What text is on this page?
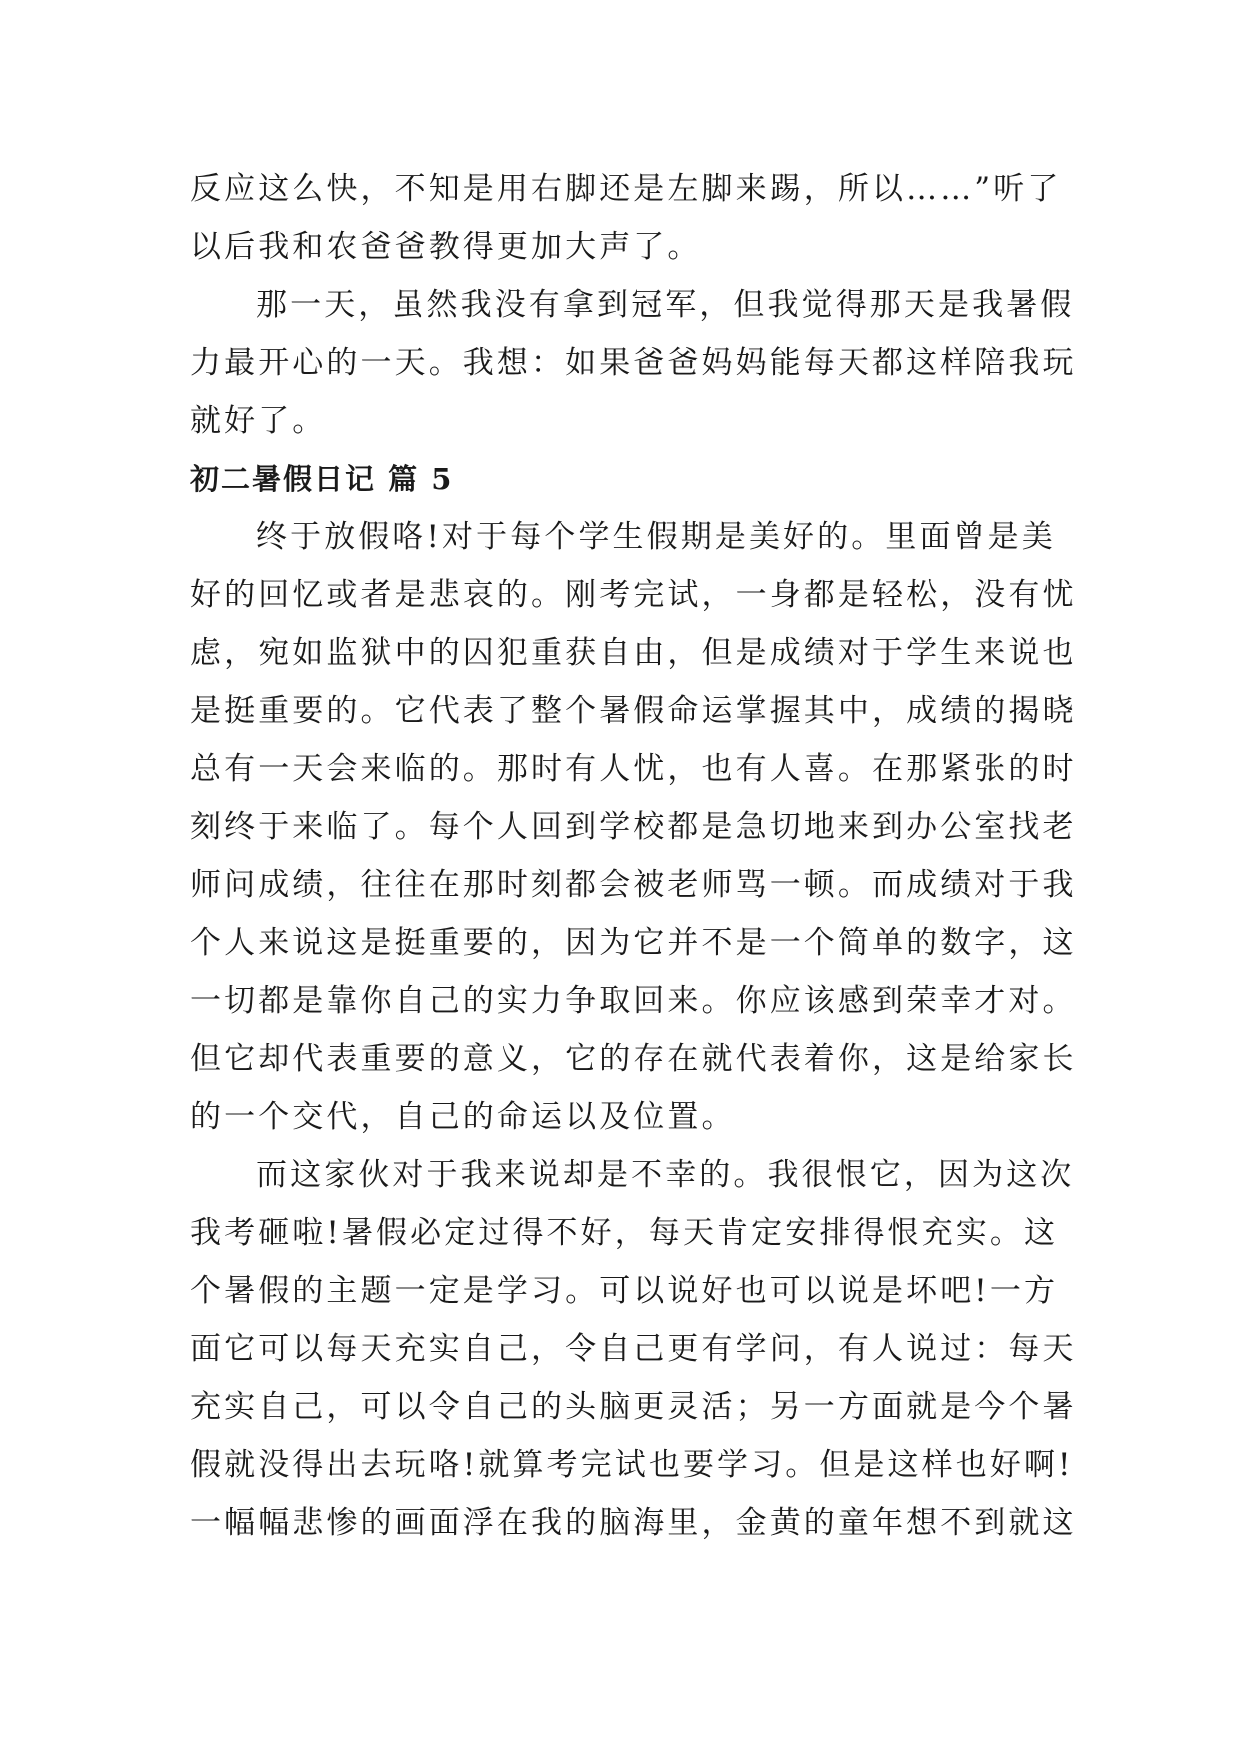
反应这么快，不知是用右脚还是左脚来踢，所以……”听了
以后我和农爸爸教得更加大声了。

那一天，虽然我没有拿到冠军，但我觉得那天是我暑假
力最开心的一天。我想：如果爸爸妈妈能每天都这样陪我玩
就好了。

初二暑假日记 篇 5

终于放假咯!对于每个学生假期是美好的。里面曾是美
好的回忆或者是悲哀的。刚考完试，一身都是轻松，没有忧
虑，宛如监狱中的囚犯重获自由，但是成绩对于学生来说也
是挺重要的。它代表了整个暑假命运掌握其中，成绩的揭晓
总有一天会来临的。那时有人忧，也有人喜。在那紧张的时
刻终于来临了。每个人回到学校都是急切地来到办公室找老
师问成绩，往往在那时刻都会被老师骂一顿。而成绩对于我
个人来说这是挺重要的，因为它并不是一个简单的数字，这
一切都是靠你自己的实力争取回来。你应该感到荣幸才对。
但它却代表重要的意义，它的存在就代表着你，这是给家长
的一个交代，自己的命运以及位置。

而这家伙对于我来说却是不幸的。我很恨它，因为这次
我考砸啦!暑假必定过得不好，每天肯定安排得恨充实。这
个暑假的主题一定是学习。可以说好也可以说是坏吧!一方
面它可以每天充实自己，令自己更有学问，有人说过：每天
充实自己，可以令自己的头脑更灵活；另一方面就是今个暑
假就没得出去玩咯!就算考完试也要学习。但是这样也好啊!
一幅幅悲惨的画面浮在我的脑海里，金黄的童年想不到就这
